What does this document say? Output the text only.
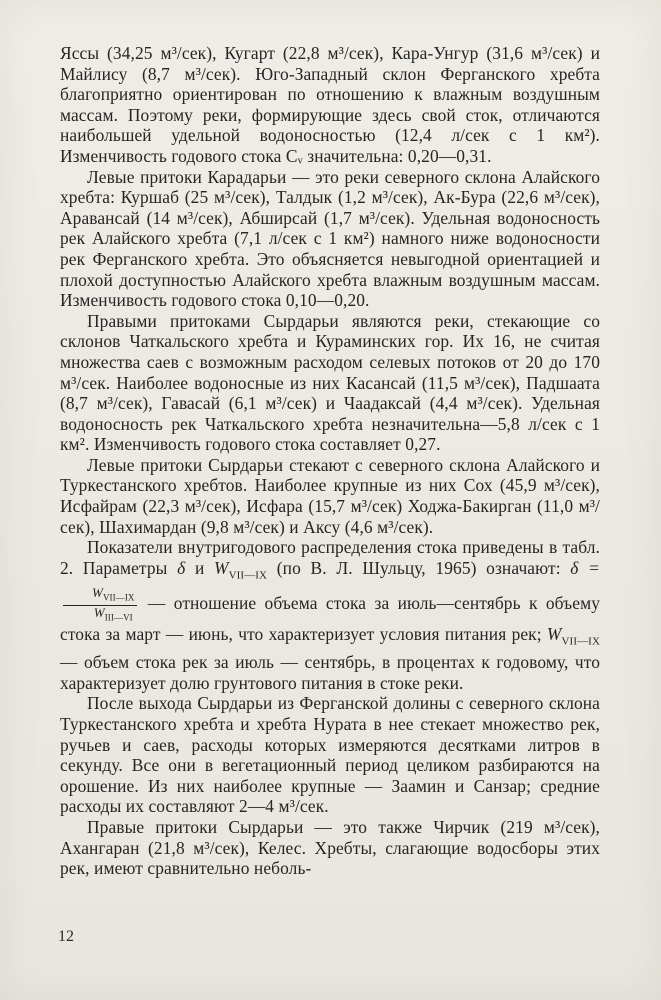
Яссы (34,25 м³/сек), Кугарт (22,8 м³/сек), Кара-Унгур (31,6 м³/сек) и Майлису (8,7 м³/сек). Юго-Западный склон Ферганского хребта благоприятно ориентирован по отношению к влажным воздушным массам. Поэтому реки, формирующие здесь свой сток, отличаются наибольшей удельной водоносностью (12,4 л/сек с 1 км²). Изменчивость годового стока Cᵥ значительна: 0,20—0,31.

Левые притоки Карадарьи — это реки северного склона Алайского хребта: Куршаб (25 м³/сек), Талдык (1,2 м³/сек), Ак-Бура (22,6 м³/сек), Аравансай (14 м³/сек), Абширсай (1,7 м³/сек). Удельная водоносность рек Алайского хребта (7,1 л/сек с 1 км²) намного ниже водоносности рек Ферганского хребта. Это объясняется невыгодной ориентацией и плохой доступностью Алайского хребта влажным воздушным массам. Изменчивость годового стока 0,10—0,20.

Правыми притоками Сырдарьи являются реки, стекающие со склонов Чаткальского хребта и Кураминских гор. Их 16, не считая множества саев с возможным расходом селевых потоков от 20 до 170 м³/сек. Наиболее водоносные из них Касансай (11,5 м³/сек), Падшаата (8,7 м³/сек), Гавасай (6,1 м³/сек) и Чаадаксай (4,4 м³/сек). Удельная водоносность рек Чаткальского хребта незначительна—5,8 л/сек с 1 км². Изменчивость годового стока составляет 0,27.

Левые притоки Сырдарьи стекают с северного склона Алайского и Туркестанского хребтов. Наиболее крупные из них Сох (45,9 м³/сек), Исфайрам (22,3 м³/сек), Исфара (15,7 м³/сек) Ходжа-Бакирган (11,0 м³/сек), Шахимардан (9,8 м³/сек) и Аксу (4,6 м³/сек).

Показатели внутригодового распределения стока приведены в табл. 2. Параметры δ и $W_{VII—IX}$ (по В. Л. Шульцу, 1965) означают: δ =
$W_{VII—IX}$
$W_{III—VI}$
— отношение объема стока за июль—сентябрь к объему стока за март — июнь, что характеризует условия питания рек; $W_{VII—IX}$ — объем стока рек за июль — сентябрь, в процентах к годовому, что характеризует долю грунтового питания в стоке реки.

После выхода Сырдарьи из Ферганской долины с северного склона Туркестанского хребта и хребта Нурата в нее стекает множество рек, ручьев и саев, расходы которых измеряются десятками литров в секунду. Все они в вегетационный период целиком разбираются на орошение. Из них наиболее крупные — Заамин и Санзар; средние расходы их составляют 2—4 м³/сек.

Правые притоки Сырдарьи — это также Чирчик (219 м³/сек), Ахангаран (21,8 м³/сек), Келес. Хребты, слагающие водосборы этих рек, имеют сравнительно неболь-

12
